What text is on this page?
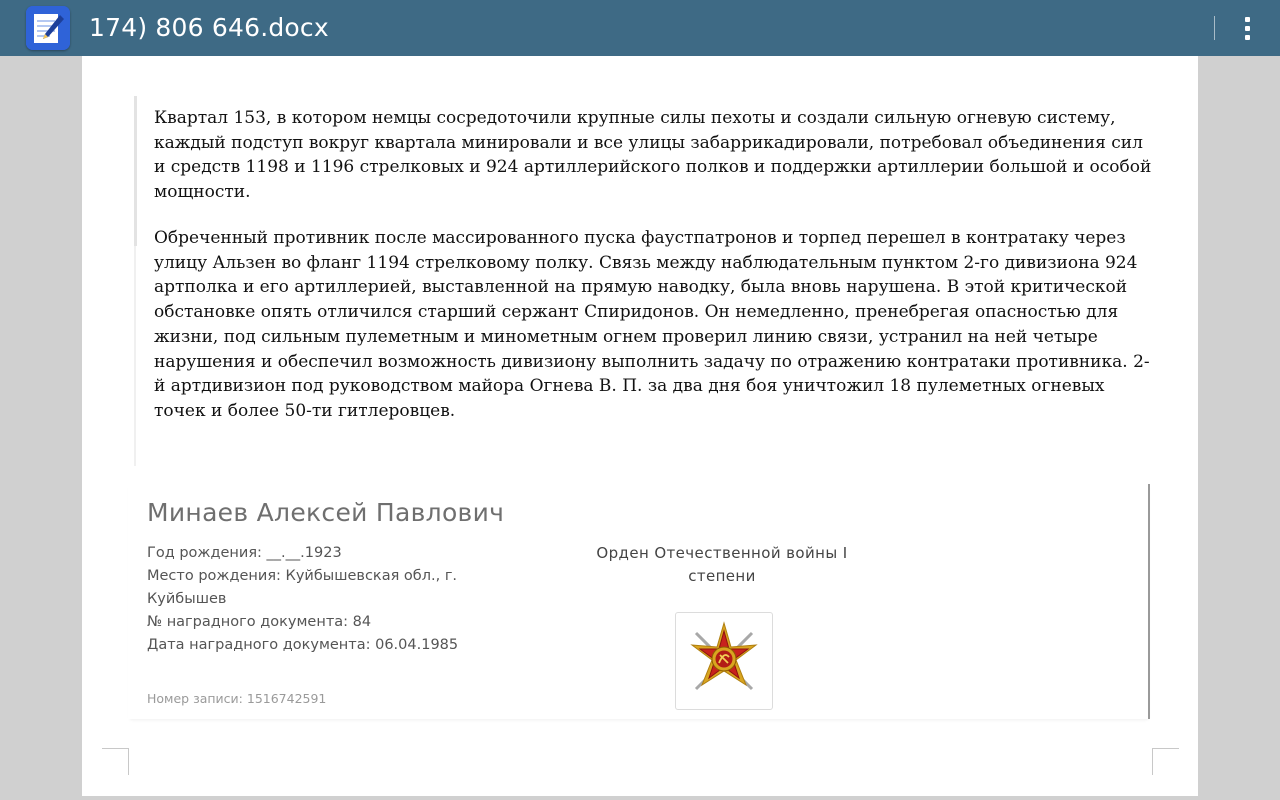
174) 806 646.docx

Квартал 153, в котором немцы сосредоточили крупные силы пехоты и создали сильную огневую систему, каждый подступ вокруг квартала минировали и все улицы забаррикадировали, потребовал объединения сил и средств 1198 и 1196 стрелковых и 924 артиллерийского полков и поддержки артиллерии большой и особой мощности.

Обреченный противник после массированного пуска фаустпатронов и торпед перешел в контратаку через улицу Альзен во фланг 1194 стрелковому полку. Связь между наблюдательным пунктом 2-го дивизиона 924 артполка и его артиллерией, выставленной на прямую наводку, была вновь нарушена. В этой критической обстановке опять отличился старший сержант Спиридонов. Он немедленно, пренебрегая опасностью для жизни, под сильным пулеметным и минометным огнем проверил линию связи, устранил на ней четыре нарушения и обеспечил возможность дивизиону выполнить задачу по отражению контратаки противника. 2-й артдивизион под руководством майора Огнева В. П. за два дня боя уничтожил 18 пулеметных огневых точек и более 50-ти гитлеровцев.

Минаев Алексей Павлович
Год рождения: __.__.1923
Место рождения: Куйбышевская обл., г. Куйбышев
№ наградного документа: 84
Дата наградного документа: 06.04.1985
Номер записи: 1516742591
Орден Отечественной войны I степени
